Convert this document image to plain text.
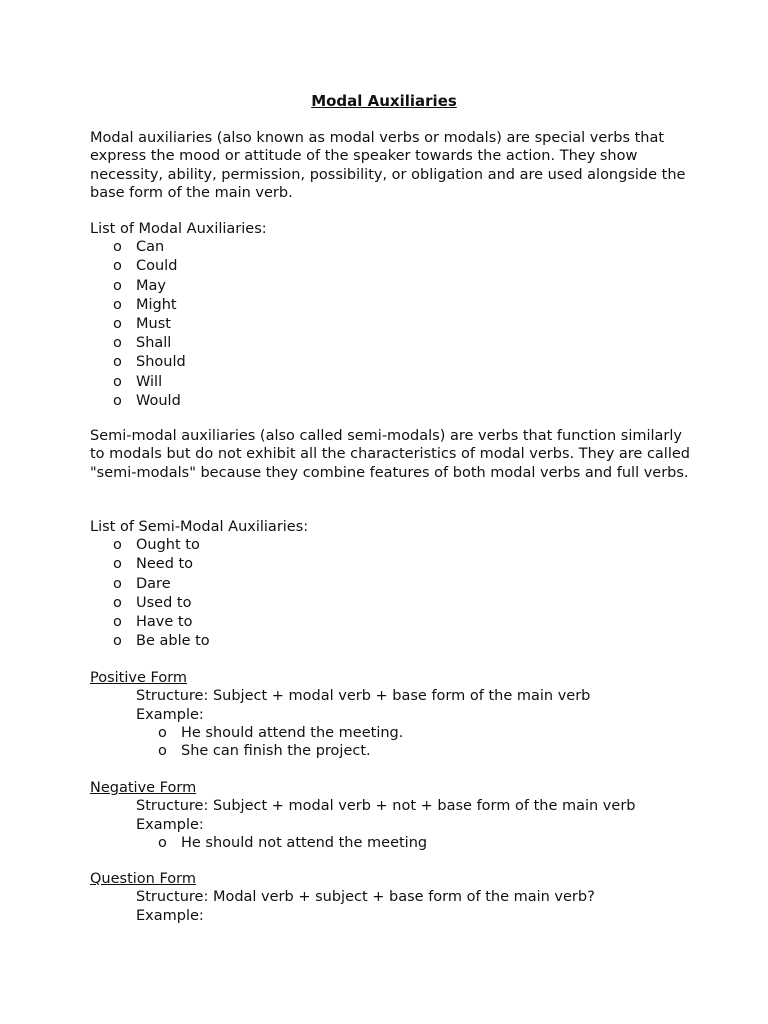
Modal Auxiliaries

Modal auxiliaries (also known as modal verbs or modals) are special verbs that express the mood or attitude of the speaker towards the action. They show necessity, ability, permission, possibility, or obligation and are used alongside the base form of the main verb.

List of Modal Auxiliaries:
o Can
o Could
o May
o Might
o Must
o Shall
o Should
o Will
o Would

Semi-modal auxiliaries (also called semi-modals) are verbs that function similarly to modals but do not exhibit all the characteristics of modal verbs. They are called "semi-modals" because they combine features of both modal verbs and full verbs.

List of Semi-Modal Auxiliaries:
o Ought to
o Need to
o Dare
o Used to
o Have to
o Be able to
Positive Form
Structure: Subject + modal verb + base form of the main verb
Example:
o He should attend the meeting.
o She can finish the project.
Negative Form
Structure: Subject + modal verb + not + base form of the main verb
Example:
o He should not attend the meeting
Question Form
Structure: Modal verb + subject + base form of the main verb?
Example:
